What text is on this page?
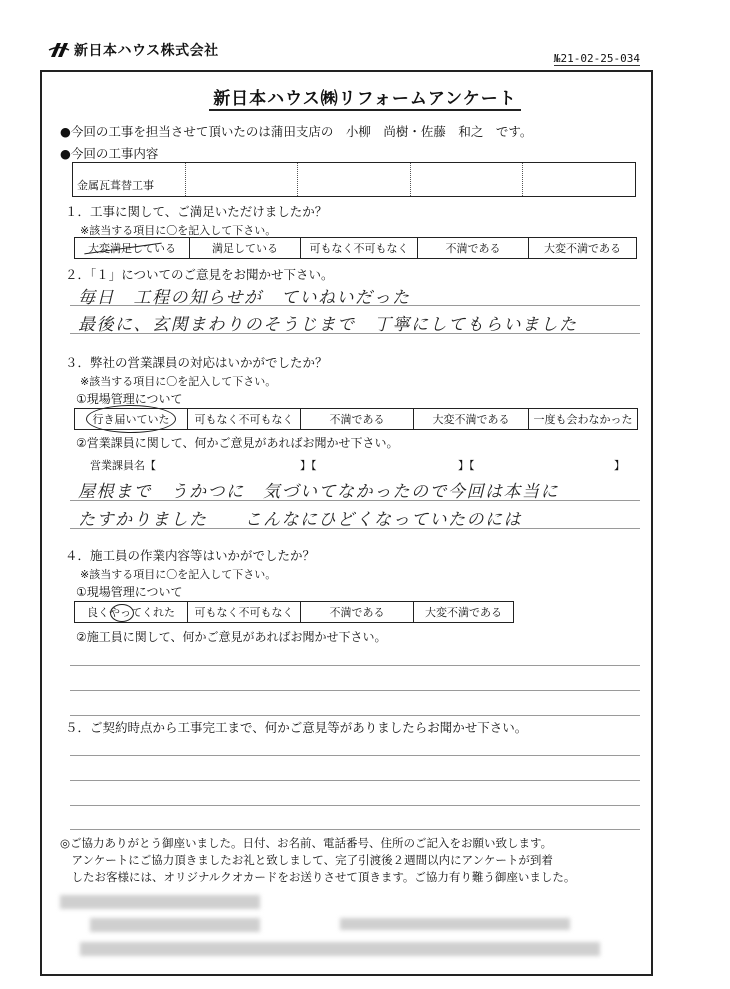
新日本ハウス株式会社	№21-02-25-034
新日本ハウス㈱リフォームアンケート
●今回の工事を担当させて頂いたのは蒲田支店の　小柳　尚樹・佐藤　和之　です。
●今回の工事内容
金属瓦葺替工事
１．工事に関して、ご満足いただけましたか？
※該当する項目に〇を記入して下さい。
大変満足している	満足している	可もなく不可もなく	不満である	大変不満である
２．「１」についてのご意見をお聞かせ下さい。
毎日　工程の知らせが　ていねいだった
最後に、玄関まわりのそうじまで　丁寧にしてもらいました
３．弊社の営業課員の対応はいかがでしたか？
※該当する項目に〇を記入して下さい。
①現場管理について
行き届いていた	可もなく不可もなく	不満である	大変不満である	一度も会わなかった
②営業課員に関して、何かご意見があればお聞かせ下さい。
営業課員名【	】【	】【	】
屋根まで　うかつに　気づいてなかったので今回は本当に
たすかりました　　こんなにひどくなっていたのには
４．施工員の作業内容等はいかがでしたか？
※該当する項目に〇を記入して下さい。
①現場管理について
良くやってくれた	可もなく不可もなく	不満である	大変不満である
②施工員に関して、何かご意見があればお聞かせ下さい。
５．ご契約時点から工事完工まで、何かご意見等がありましたらお聞かせ下さい。
◎ご協力ありがとう御座いました。日付、お名前、電話番号、住所のご記入をお願い致します。
　アンケートにご協力頂きましたお礼と致しまして、完了引渡後２週間以内にアンケートが到着
　したお客様には、オリジナルクオカードをお送りさせて頂きます。ご協力有り難う御座いました。
